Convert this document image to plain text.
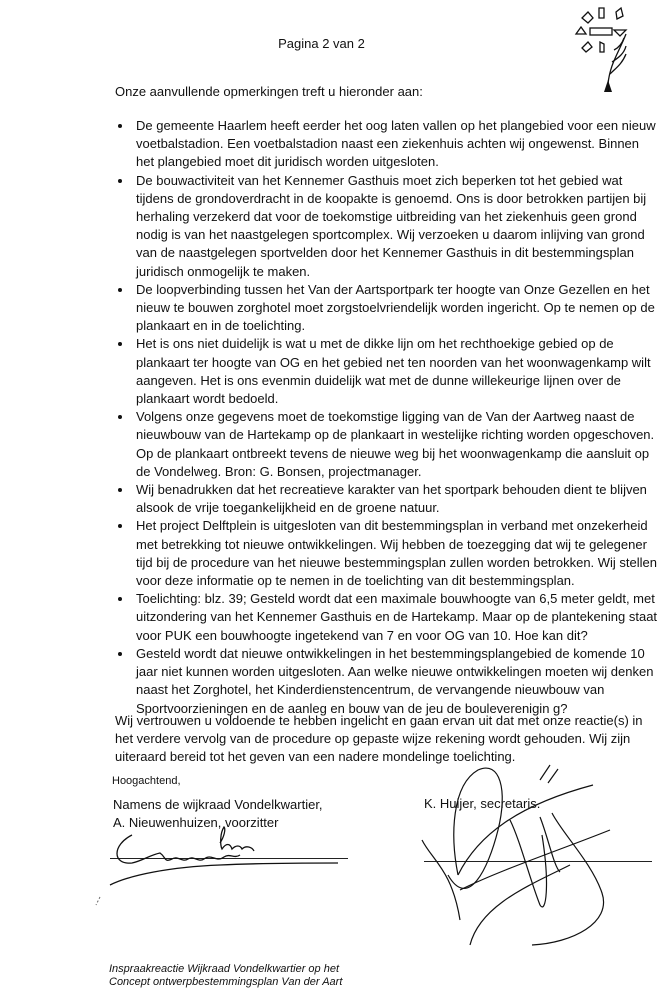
Pagina 2 van 2
Onze aanvullende opmerkingen treft u hieronder aan:
De gemeente Haarlem heeft eerder het oog laten vallen op het plangebied voor een nieuw voetbalstadion. Een voetbalstadion naast een ziekenhuis achten wij ongewenst. Binnen het plangebied moet dit juridisch worden uitgesloten.
De bouwactiviteit van het Kennemer Gasthuis moet zich beperken tot het gebied wat tijdens de grondoverdracht in de koopakte is genoemd. Ons is door betrokken partijen bij herhaling verzekerd dat voor de toekomstige uitbreiding van het ziekenhuis geen grond nodig is van het naastgelegen sportcomplex. Wij verzoeken u daarom inlijving van grond van de naastgelegen sportvelden door het Kennemer Gasthuis in dit bestemmingsplan juridisch onmogelijk te maken.
De loopverbinding tussen het Van der Aartsportpark ter hoogte van Onze Gezellen en het nieuw te bouwen zorghotel moet zorgstoelvriendelijk worden ingericht. Op te nemen op de plankaart en in de toelichting.
Het is ons niet duidelijk is wat u met de dikke lijn om het rechthoekige gebied op de plankaart ter hoogte van OG en het gebied net ten noorden van het woonwagenkamp wilt aangeven. Het is ons evenmin duidelijk wat met de dunne willekeurige lijnen over de plankaart wordt bedoeld.
Volgens onze gegevens moet de toekomstige ligging van de Van der Aartweg naast de nieuwbouw van de Hartekamp op de plankaart in westelijke richting worden opgeschoven. Op de plankaart ontbreekt tevens de nieuwe weg bij het woonwagenkamp die aansluit op de Vondelweg. Bron: G. Bonsen, projectmanager.
Wij benadrukken dat het recreatieve karakter van het sportpark behouden dient te blijven alsook de vrije toegankelijkheid en de groene natuur.
Het project Delftplein is uitgesloten van dit bestemmingsplan in verband met onzekerheid met betrekking tot nieuwe ontwikkelingen. Wij hebben de toezegging dat wij te gelegener tijd bij de procedure van het nieuwe bestemmingsplan zullen worden betrokken. Wij stellen voor deze informatie op te nemen in de toelichting van dit bestemmingsplan.
Toelichting: blz. 39; Gesteld wordt dat een maximale bouwhoogte van 6,5 meter geldt, met uitzondering van het Kennemer Gasthuis en de Hartekamp. Maar op de plantekening staat voor PUK een bouwhoogte ingetekend van 7 en voor OG van 10. Hoe kan dit?
Gesteld wordt dat nieuwe ontwikkelingen in het bestemmingsplangebied de komende 10 jaar niet kunnen worden uitgesloten. Aan welke nieuwe ontwikkelingen moeten wij denken naast het Zorghotel, het Kinderdienstencentrum, de vervangende nieuwbouw van Sportvoorzieningen en de aanleg en bouw van de jeu de bouleverenigin g?
Wij vertrouwen u voldoende te hebben ingelicht en gaan ervan uit dat met onze reactie(s) in het verdere vervolg van de procedure op gepaste wijze rekening wordt gehouden. Wij zijn uiteraard bereid tot het geven van een nadere mondelinge toelichting.
Hoogachtend,
Namens de wijkraad Vondelkwartier,
A. Nieuwenhuizen, voorzitter
K. Huijer, secretaris.
Inspraakreactie Wijkraad Vondelkwartier op het
Concept ontwerpbestemmingsplan Van der Aart
